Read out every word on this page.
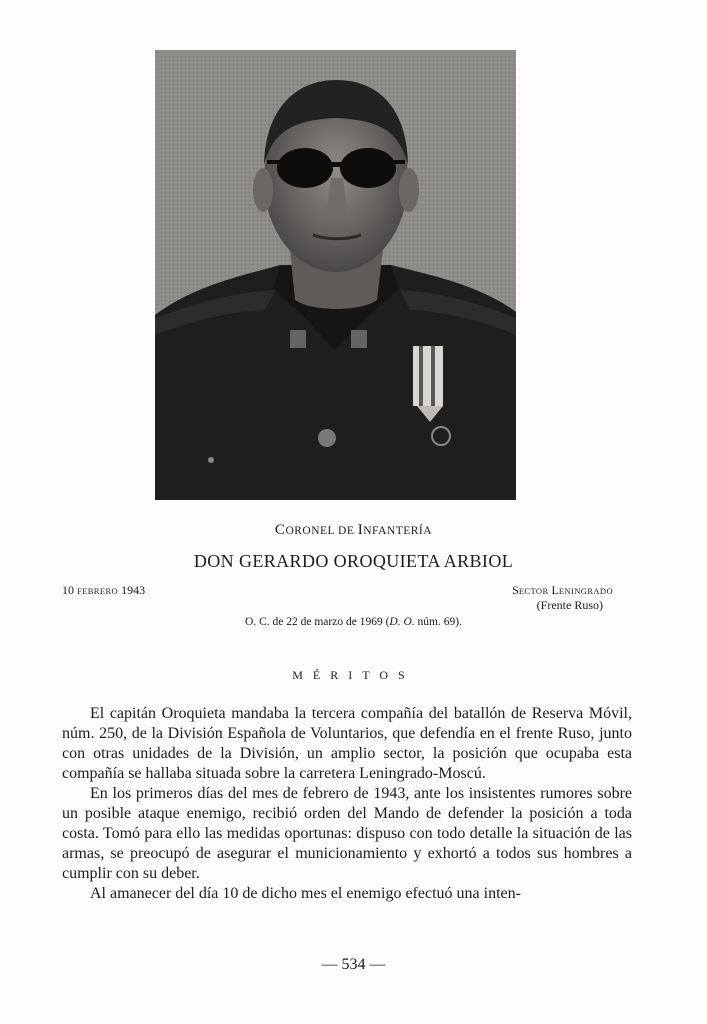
CORONEL DE INFANTERÍA
DON GERARDO OROQUIETA ARBIOL
10 FEBRERO 1943	SECTOR LENINGRADO
(Frente Ruso)
O. C. de 22 de marzo de 1969 (D. O. núm. 69).
MÉRITOS

El capitán Oroquieta mandaba la tercera compañía del batallón de Reserva Móvil, núm. 250, de la División Española de Voluntarios, que defendía en el frente Ruso, junto con otras unidades de la División, un amplio sector, la posición que ocupaba esta compañía se hallaba situada sobre la carretera Leningrado-Moscú.

En los primeros días del mes de febrero de 1943, ante los insistentes rumores sobre un posible ataque enemigo, recibió orden del Mando de defender la posición a toda costa. Tomó para ello las medidas oportunas: dispuso con todo detalle la situación de las armas, se preocupó de asegurar el municionamiento y exhortó a todos sus hombres a cumplir con su deber.

Al amanecer del día 10 de dicho mes el enemigo efectuó una inten-

— 534 —
